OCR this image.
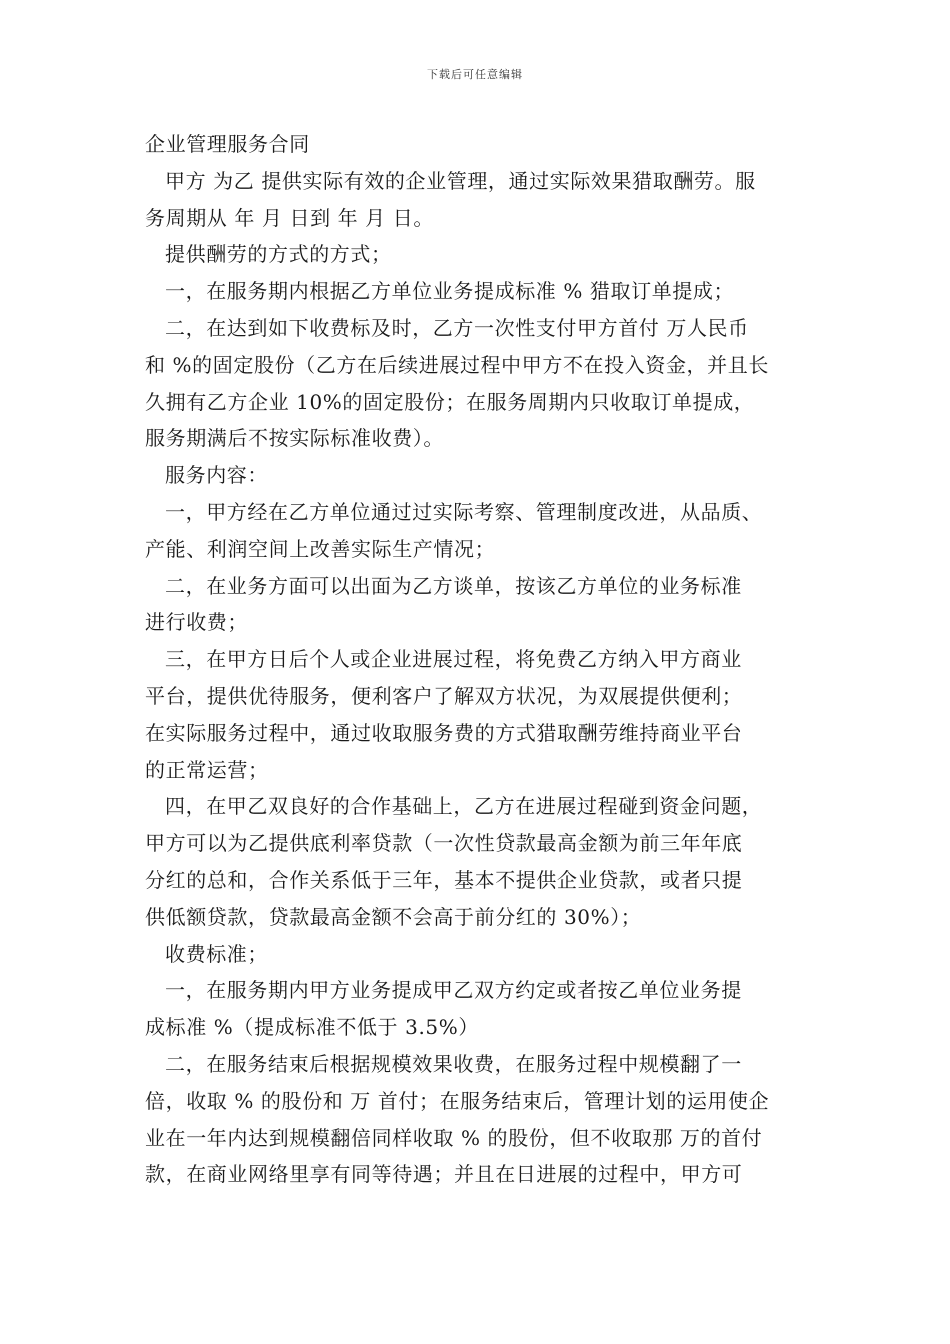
下载后可任意编辑

企业管理服务合同

甲方 为乙 提供实际有效的企业管理，通过实际效果猎取酬劳。服

务周期从 年 月 日到 年 月 日。

提供酬劳的方式的方式；

一，在服务期内根据乙方单位业务提成标准 % 猎取订单提成；

二，在达到如下收费标及时，乙方一次性支付甲方首付 万人民币

和 %的固定股份（乙方在后续进展过程中甲方不在投入资金，并且长

久拥有乙方企业 10%的固定股份；在服务周期内只收取订单提成，

服务期满后不按实际标准收费）。

服务内容：

一，甲方经在乙方单位通过过实际考察、管理制度改进，从品质、

产能、利润空间上改善实际生产情况；

二，在业务方面可以出面为乙方谈单，按该乙方单位的业务标准

进行收费；

三，在甲方日后个人或企业进展过程，将免费乙方纳入甲方商业

平台，提供优待服务，便利客户了解双方状况，为双展提供便利；

在实际服务过程中，通过收取服务费的方式猎取酬劳维持商业平台

的正常运营；

四，在甲乙双良好的合作基础上，乙方在进展过程碰到资金问题，

甲方可以为乙提供底利率贷款（一次性贷款最高金额为前三年年底

分红的总和，合作关系低于三年，基本不提供企业贷款，或者只提

供低额贷款，贷款最高金额不会高于前分红的 30%）；

收费标准；

一，在服务期内甲方业务提成甲乙双方约定或者按乙单位业务提

成标准 %（提成标准不低于 3.5%）

二，在服务结束后根据规模效果收费，在服务过程中规模翻了一

倍，收取 % 的股份和 万 首付；在服务结束后，管理计划的运用使企

业在一年内达到规模翻倍同样收取 % 的股份，但不收取那 万的首付

款，在商业网络里享有同等待遇；并且在日进展的过程中，甲方可
